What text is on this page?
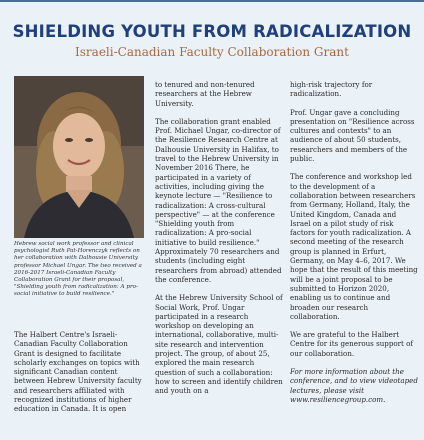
SHIELDING YOUTH FROM RADICALIZATION
Israeli-Canadian Faculty Collaboration Grant
Hebrew social work professor and clinical psychologist Ruth Pat-Horenczyk reflects on her collaboration with Dalhousie University professor Michael Ungar. The two received a 2016-2017 Israeli-Canadian Faculty Collaboration Grant for their proposal, "Shielding youth from radicalization: A pro-social initiative to build resilience."

The Halbert Centre's Israeli-Canadian Faculty Collaboration Grant is designed to facilitate scholarly exchanges on topics with significant Canadian content between Hebrew University faculty and researchers affiliated with recognized institutions of higher education in Canada. It is open

to tenured and non-tenured researchers at the Hebrew University.

The collaboration grant enabled Prof. Michael Ungar, co-director of the Resilience Research Centre at Dalhousie University in Halifax, to travel to the Hebrew University in November 2016 There, he participated in a variety of activities, including giving the keynote lecture — "Resilience to radicalization: A cross-cultural perspective" — at the conference "Shielding youth from radicalization: A pro-social initiative to build resilience." Approximately 70 researchers and students (including eight researchers from abroad) attended the conference.

At the Hebrew University School of Social Work, Prof. Ungar participated in a research workshop on developing an international, collaborative, multi-site research and intervention project. The group, of about 25, explored the main research question of such a collaboration: how to screen and identify children and youth on a

high-risk trajectory for radicalization.

Prof. Ungar gave a concluding presentation on "Resilience across cultures and contexts" to an audience of about 50 students, researchers and members of the public.

The conference and workshop led to the development of a collaboration between researchers from Germany, Holland, Italy, the United Kingdom, Canada and Israel on a pilot study of risk factors for youth radicalization. A second meeting of the research group is planned in Erfurt, Germany, on May 4–6, 2017. We hope that the result of this meeting will be a joint proposal to be submitted to Horizon 2020, enabling us to continue and broaden our research collaboration.

We are grateful to the Halbert Centre for its generous support of our collaboration.

For more information about the conference, and to view videotaped lectures, please visit www.resiliencegroup.com.
